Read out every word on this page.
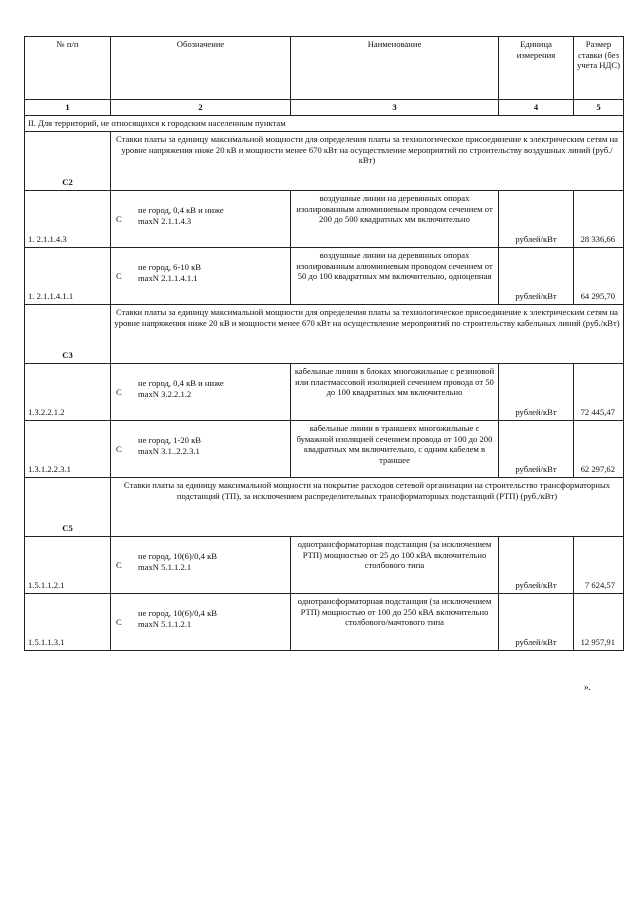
№ п/п	Обозначение	Наименование	Единица измерения	Размер ставки (без учета НДС)
1	2	3	4	5
II. Для территорий, не относящихся к городским населенным пунктам				
С2	Ставки платы за единицу максимальной мощности для определения платы за технологическое присоединение к электрическим сетям на уровне напряжения ниже 20 кВ и мощности менее 670 кВт на осуществление мероприятий по строительству воздушных линий (руб./кВт)			
1. 2.1.1.4.3	С
не город, 0,4 кВ и ниже
maxN 2.1.1.4.3	воздушные линии на деревянных опорах изолированным алюминиевым проводом сечением от 200 до 500 квадратных мм включительно	рублей/кВт	28 336,66
1. 2.1.1.4.1.1	С
не город, 6-10 кВ
maxN 2.1.1.4.1.1	воздушные линии на деревянных опорах изолированным алюминиевым проводом сечением от 50 до 100 квадратных мм включительно, одноцепная	рублей/кВт	64 295,70
С3	Ставки платы за единицу максимальной мощности для определения платы за технологическое присоединение к электрическим сетям на уровне напряжения ниже 20 кВ и мощности менее 670 кВт на осуществление мероприятий по строительству кабельных линий (руб./кВт)			
1.3.2.2.1.2	С
не город, 0,4 кВ и ниже
maxN 3.2.2.1.2	кабельные линии в блоках многожильные с резиновой или пластмассовой изоляцией сечением провода от 50 до 100 квадратных мм включительно	рублей/кВт	72 445,47
1.3.1.2.2.3.1	С
не город, 1-20 кВ
maxN 3.1..2.2.3.1	кабельные линии в траншеях многожильные с бумажной изоляцией сечением провода от 100 до 200 квадратных мм включительно, с одним кабелем в траншее	рублей/кВт	62 297,62
С5	Ставки платы за единицу максимальной мощности на покрытие расходов сетевой организации на строительство трансформаторных подстанций (ТП), за исключением распределительных трансформаторных подстанций (РТП) (руб./кВт)			
1.5.1.1.2.1	С
не город, 10(6)/0,4 кВ
maxN 5.1.1.2.1	однотрансформаторная подстанция (за исключением РТП) мощностью от 25 до 100 кВА включительно столбового типа	рублей/кВт	7 624,57
1.5.1.1.3.1	С
не город, 10(6)/0,4 кВ
maxN 5.1.1.2.1	однотрансформаторная подстанция (за исключением РТП) мощностью от 100 до 250 кВА включительно столбового/мачтового типа	рублей/кВт	12 957,91
».
